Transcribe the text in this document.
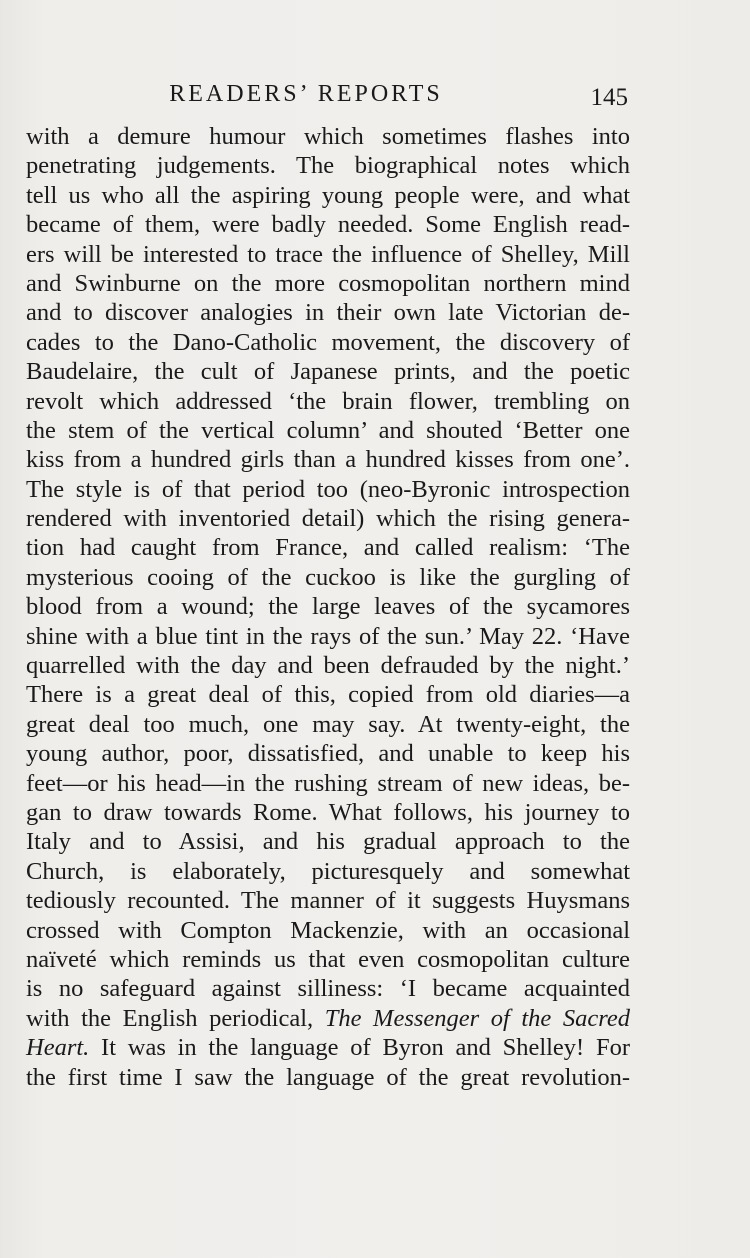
READERS’ REPORTS	145
with a demure humour which sometimes flashes into
penetrating judgements. The biographical notes which
tell us who all the aspiring young people were, and what
became of them, were badly needed. Some English read-
ers will be interested to trace the influence of Shelley, Mill
and Swinburne on the more cosmopolitan northern mind
and to discover analogies in their own late Victorian de-
cades to the Dano-Catholic movement, the discovery of
Baudelaire, the cult of Japanese prints, and the poetic
revolt which addressed ‘the brain flower, trembling on
the stem of the vertical column’ and shouted ‘Better one
kiss from a hundred girls than a hundred kisses from one’.
The style is of that period too (neo-Byronic introspection
rendered with inventoried detail) which the rising genera-
tion had caught from France, and called realism: ‘The
mysterious cooing of the cuckoo is like the gurgling of
blood from a wound; the large leaves of the sycamores
shine with a blue tint in the rays of the sun.’ May 22. ‘Have
quarrelled with the day and been defrauded by the night.’
There is a great deal of this, copied from old diaries—a
great deal too much, one may say. At twenty-eight, the
young author, poor, dissatisfied, and unable to keep his
feet—or his head—in the rushing stream of new ideas, be-
gan to draw towards Rome. What follows, his journey to
Italy and to Assisi, and his gradual approach to the
Church, is elaborately, picturesquely and somewhat
tediously recounted. The manner of it suggests Huysmans
crossed with Compton Mackenzie, with an occasional
naïveté which reminds us that even cosmopolitan culture
is no safeguard against silliness: ‘I became acquainted
with the English periodical, The Messenger of the Sacred
Heart. It was in the language of Byron and Shelley! For
the first time I saw the language of the great revolution-
